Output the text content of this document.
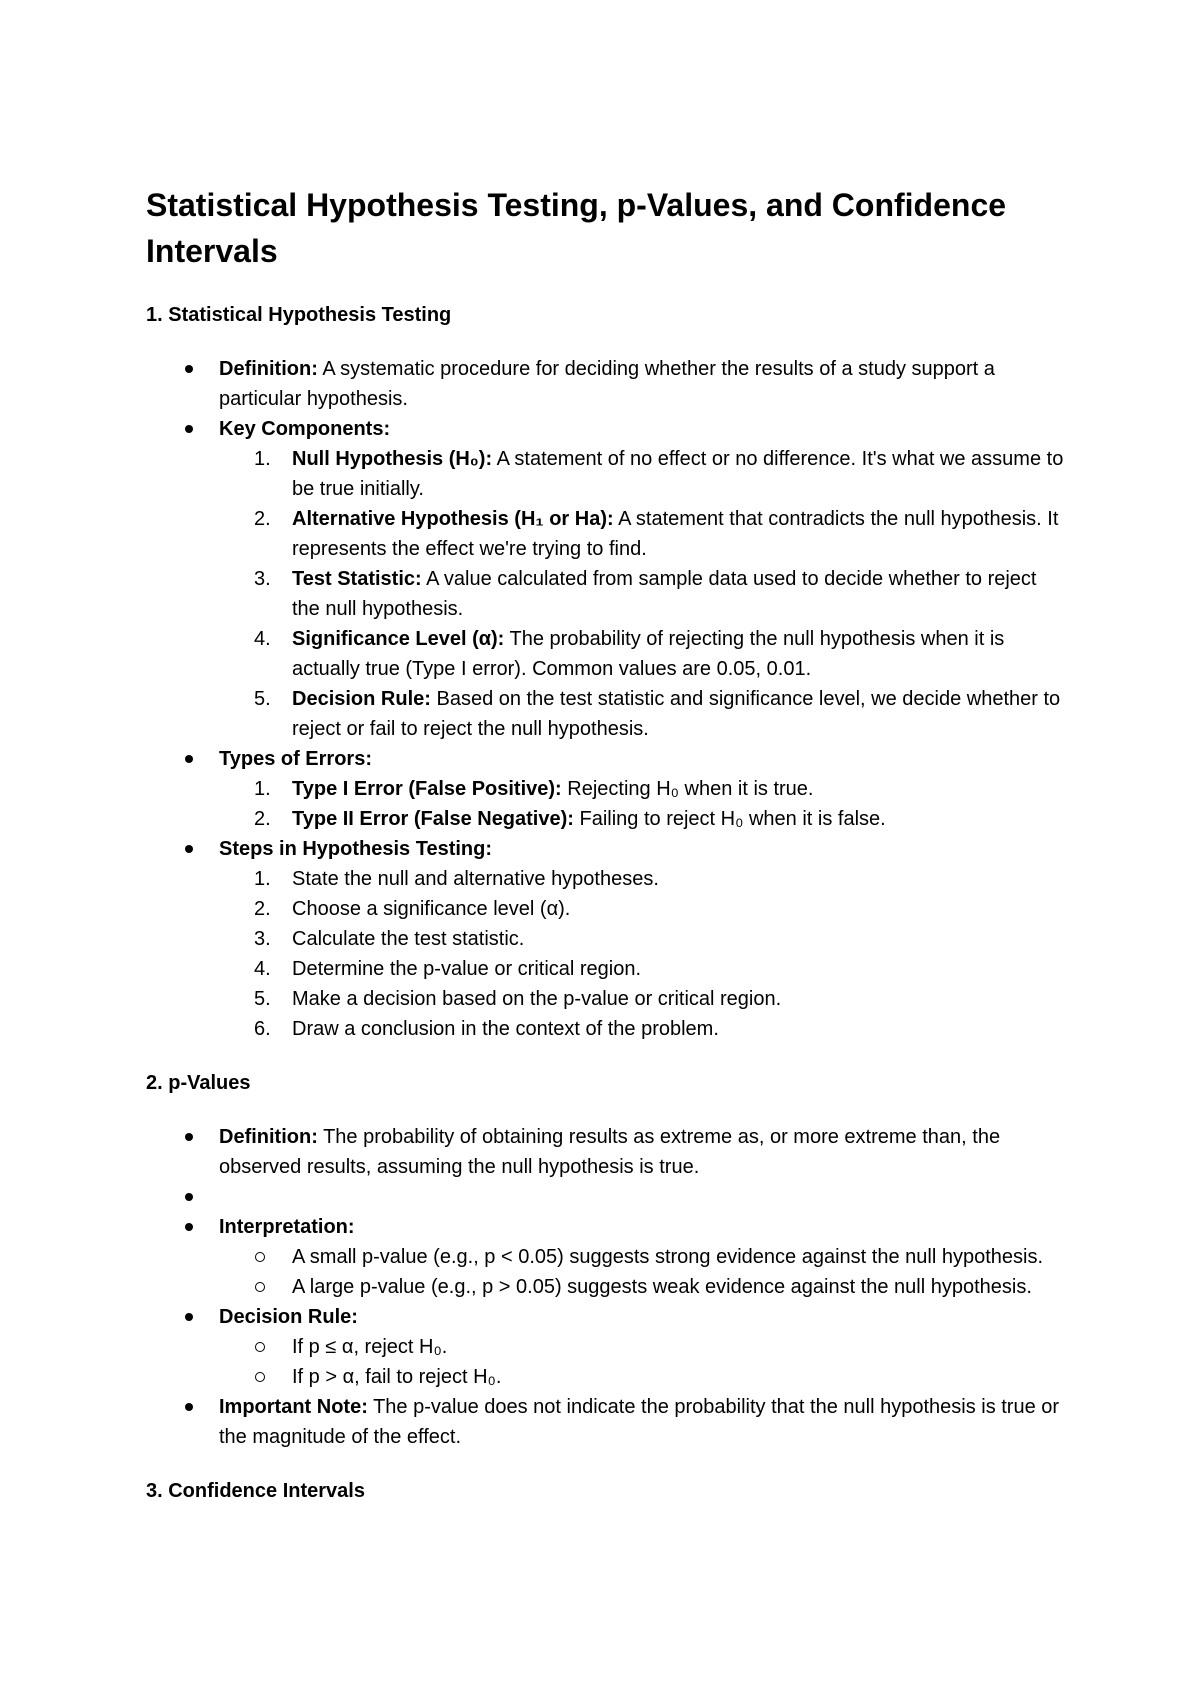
Statistical Hypothesis Testing, p-Values, and Confidence Intervals
1. Statistical Hypothesis Testing
Definition: A systematic procedure for deciding whether the results of a study support a particular hypothesis.
Key Components:
1. Null Hypothesis (H₀): A statement of no effect or no difference. It's what we assume to be true initially.
2. Alternative Hypothesis (H₁ or Ha): A statement that contradicts the null hypothesis. It represents the effect we're trying to find.
3. Test Statistic: A value calculated from sample data used to decide whether to reject the null hypothesis.
4. Significance Level (α): The probability of rejecting the null hypothesis when it is actually true (Type I error). Common values are 0.05, 0.01.
5. Decision Rule: Based on the test statistic and significance level, we decide whether to reject or fail to reject the null hypothesis.
Types of Errors:
1. Type I Error (False Positive): Rejecting H₀ when it is true.
2. Type II Error (False Negative): Failing to reject H₀ when it is false.
Steps in Hypothesis Testing:
1. State the null and alternative hypotheses.
2. Choose a significance level (α).
3. Calculate the test statistic.
4. Determine the p-value or critical region.
5. Make a decision based on the p-value or critical region.
6. Draw a conclusion in the context of the problem.
2. p-Values
Definition: The probability of obtaining results as extreme as, or more extreme than, the observed results, assuming the null hypothesis is true.

Interpretation:
A small p-value (e.g., p < 0.05) suggests strong evidence against the null hypothesis.
A large p-value (e.g., p > 0.05) suggests weak evidence against the null hypothesis.
Decision Rule:
If p ≤ α, reject H₀.
If p > α, fail to reject H₀.
Important Note: The p-value does not indicate the probability that the null hypothesis is true or the magnitude of the effect.
3. Confidence Intervals
